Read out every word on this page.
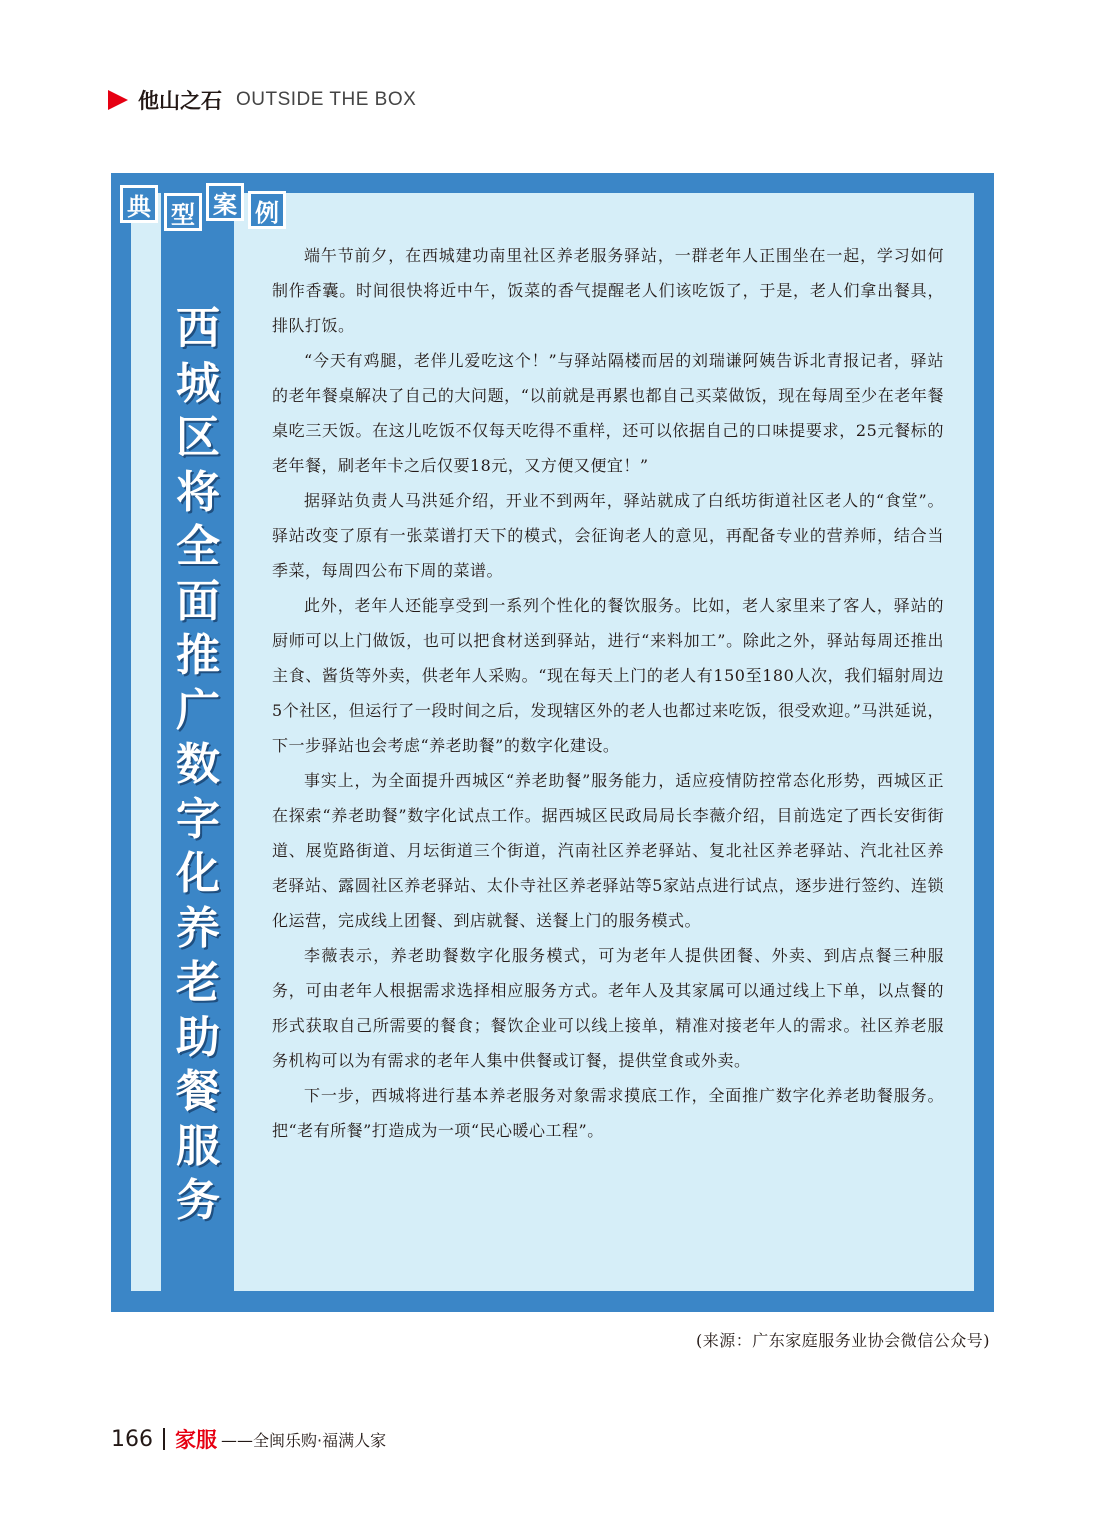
他山之石 OUTSIDE THE BOX
典 型 案 例
西
城
区
将
全
面
推
广
数
字
化
养
老
助
餐
服
务

端午节前夕，在西城建功南里社区养老服务驿站，一群老年人正围坐在一起，学习如何制作香囊。时间很快将近中午，饭菜的香气提醒老人们该吃饭了，于是，老人们拿出餐具，排队打饭。

“今天有鸡腿，老伴儿爱吃这个！”与驿站隔楼而居的刘瑞谦阿姨告诉北青报记者，驿站的老年餐桌解决了自己的大问题，“以前就是再累也都自己买菜做饭，现在每周至少在老年餐桌吃三天饭。在这儿吃饭不仅每天吃得不重样，还可以依据自己的口味提要求，25元餐标的老年餐，刷老年卡之后仅要18元，又方便又便宜！”

据驿站负责人马洪延介绍，开业不到两年，驿站就成了白纸坊街道社区老人的“食堂”。驿站改变了原有一张菜谱打天下的模式，会征询老人的意见，再配备专业的营养师，结合当季菜，每周四公布下周的菜谱。

此外，老年人还能享受到一系列个性化的餐饮服务。比如，老人家里来了客人，驿站的厨师可以上门做饭，也可以把食材送到驿站，进行“来料加工”。除此之外，驿站每周还推出主食、酱货等外卖，供老年人采购。“现在每天上门的老人有150至180人次，我们辐射周边5个社区，但运行了一段时间之后，发现辖区外的老人也都过来吃饭，很受欢迎。”马洪延说，下一步驿站也会考虑“养老助餐”的数字化建设。

事实上，为全面提升西城区“养老助餐”服务能力，适应疫情防控常态化形势，西城区正在探索“养老助餐”数字化试点工作。据西城区民政局局长李薇介绍，目前选定了西长安街街道、展览路街道、月坛街道三个街道，汽南社区养老驿站、复北社区养老驿站、汽北社区养老驿站、露圆社区养老驿站、太仆寺社区养老驿站等5家站点进行试点，逐步进行签约、连锁化运营，完成线上团餐、到店就餐、送餐上门的服务模式。

李薇表示，养老助餐数字化服务模式，可为老年人提供团餐、外卖、到店点餐三种服务，可由老年人根据需求选择相应服务方式。老年人及其家属可以通过线上下单，以点餐的形式获取自己所需要的餐食；餐饮企业可以线上接单，精准对接老年人的需求。社区养老服务机构可以为有需求的老年人集中供餐或订餐，提供堂食或外卖。

下一步，西城将进行基本养老服务对象需求摸底工作，全面推广数字化养老助餐服务。把“老有所餐”打造成为一项“民心暖心工程”。

(来源：广东家庭服务业协会微信公众号)
166 家服 ——全闽乐购·福满人家
